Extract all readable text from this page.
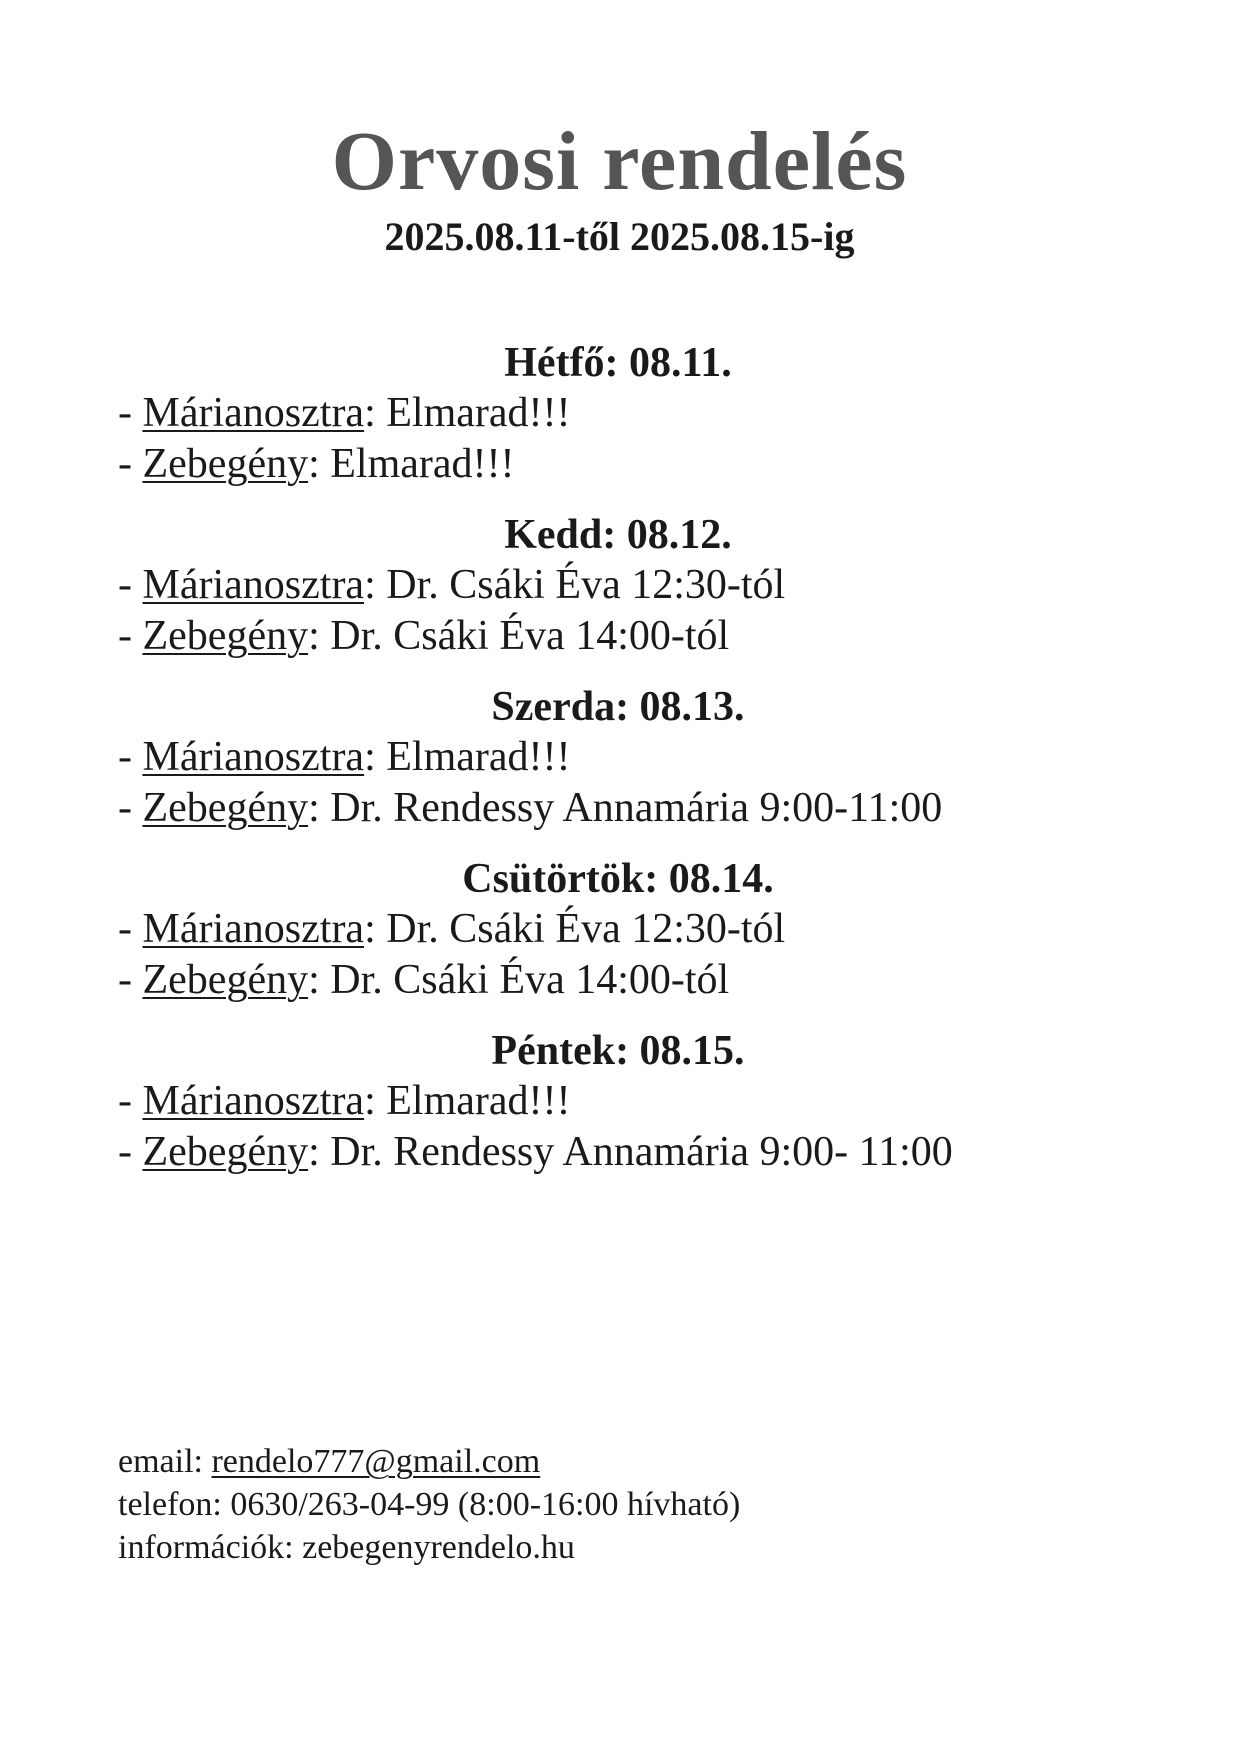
Orvosi rendelés
2025.08.11-től 2025.08.15-ig
Hétfő: 08.11.
- Márianosztra: Elmarad!!!
- Zebegény: Elmarad!!!
Kedd: 08.12.
- Márianosztra: Dr. Csáki Éva 12:30-tól
- Zebegény: Dr. Csáki Éva 14:00-tól
Szerda: 08.13.
- Márianosztra: Elmarad!!!
- Zebegény: Dr. Rendessy Annamária 9:00-11:00
Csütörtök: 08.14.
- Márianosztra: Dr. Csáki Éva 12:30-tól
- Zebegény: Dr. Csáki Éva 14:00-tól
Péntek: 08.15.
- Márianosztra: Elmarad!!!
- Zebegény: Dr. Rendessy Annamária 9:00- 11:00
email: rendelo777@gmail.com
telefon: 0630/263-04-99 (8:00-16:00 hívható)
információk: zebegenyrendelo.hu
